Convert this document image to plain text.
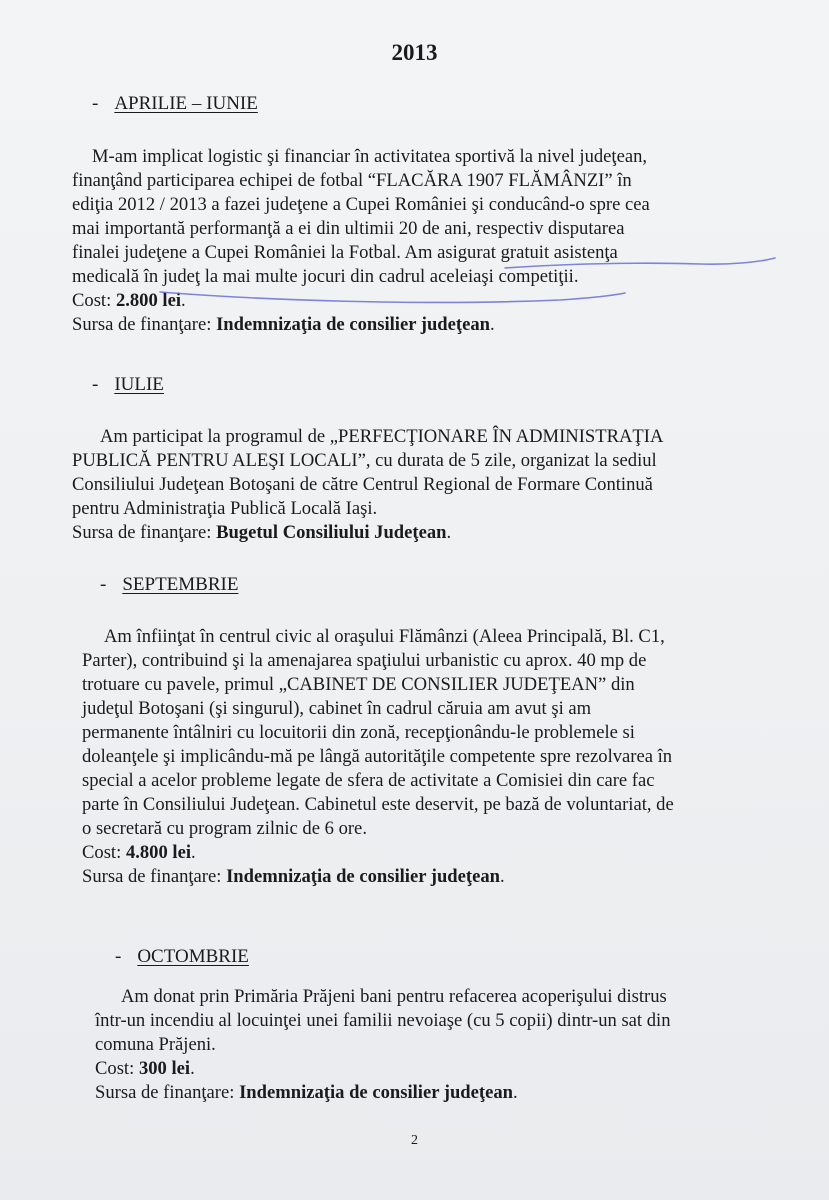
2013
- APRILIE – IUNIE
M-am implicat logistic şi financiar în activitatea sportivă la nivel judeţean,
finanţând participarea echipei de fotbal “FLACĂRA 1907 FLĂMÂNZI” în
ediţia 2012 / 2013 a fazei judeţene a Cupei României şi conducând-o spre cea
mai importantă performanţă a ei din ultimii 20 de ani, respectiv disputarea
finalei judeţene a Cupei României la Fotbal. Am asigurat gratuit asistenţa
medicală în judeţ la mai multe jocuri din cadrul aceleiaşi competiţii.
Cost: 2.800 lei.
Sursa de finanţare: Indemnizaţia de consilier judeţean.
- IULIE
Am participat la programul de „PERFECŢIONARE ÎN ADMINISTRAŢIA
PUBLICĂ PENTRU ALEŞI LOCALI”, cu durata de 5 zile, organizat la sediul
Consiliului Judeţean Botoşani de către Centrul Regional de Formare Continuă
pentru Administraţia Publică Locală Iaşi.
Sursa de finanţare: Bugetul Consiliului Judeţean.
- SEPTEMBRIE
Am înfiinţat în centrul civic al oraşului Flămânzi (Aleea Principală, Bl. C1,
Parter), contribuind şi la amenajarea spaţiului urbanistic cu aprox. 40 mp de
trotuare cu pavele, primul „CABINET DE CONSILIER JUDEŢEAN” din
judeţul Botoşani (şi singurul), cabinet în cadrul căruia am avut şi am
permanente întâlniri cu locuitorii din zonă, recepţionându-le problemele si
doleanţele şi implicându-mă pe lângă autorităţile competente spre rezolvarea în
special a acelor probleme legate de sfera de activitate a Comisiei din care fac
parte în Consiliului Judeţean. Cabinetul este deservit, pe bază de voluntariat, de
o secretară cu program zilnic de 6 ore.
Cost: 4.800 lei.
Sursa de finanţare: Indemnizaţia de consilier judeţean.
- OCTOMBRIE
Am donat prin Primăria Prăjeni bani pentru refacerea acoperişului distrus
într-un incendiu al locuinţei unei familii nevoiaşe (cu 5 copii) dintr-un sat din
comuna Prăjeni.
Cost: 300 lei.
Sursa de finanţare: Indemnizaţia de consilier judeţean.
2
